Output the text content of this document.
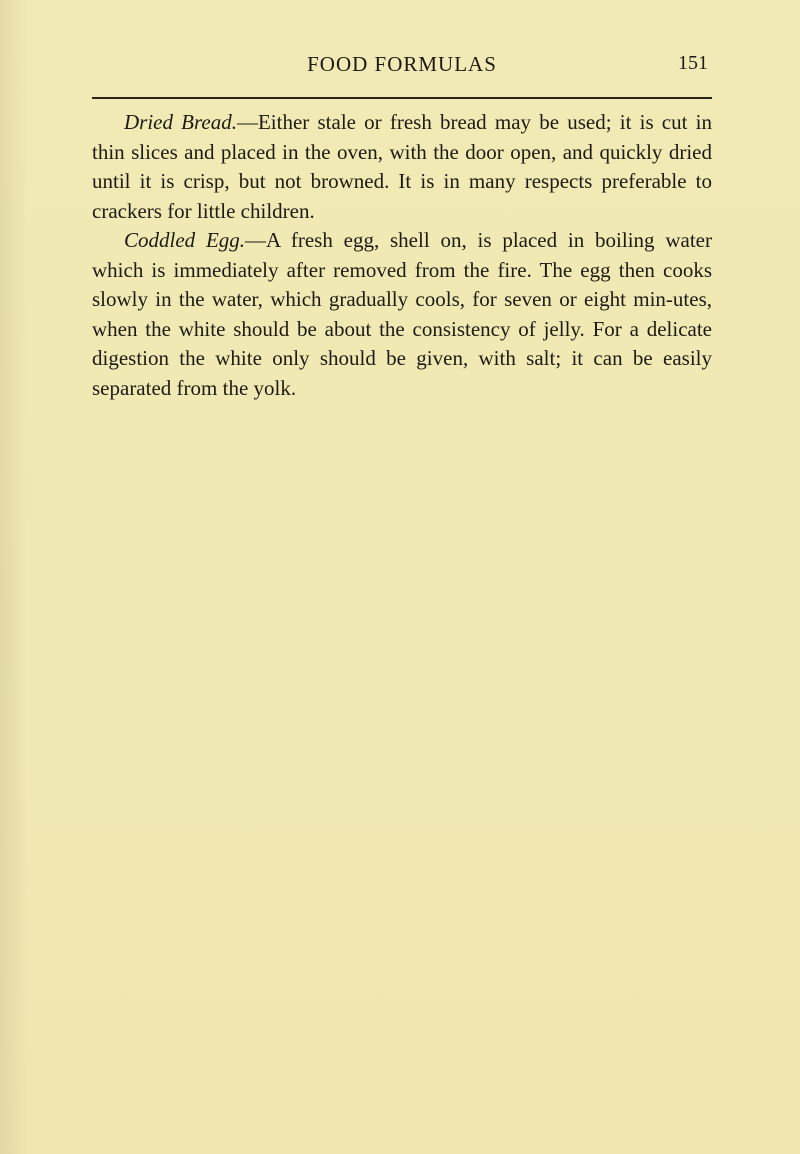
FOOD FORMULAS	151

Dried Bread.—Either stale or fresh bread may be used; it is cut in thin slices and placed in the oven, with the door open, and quickly dried until it is crisp, but not browned. It is in many respects preferable to crackers for little children.

Coddled Egg.—A fresh egg, shell on, is placed in boiling water which is immediately after removed from the fire. The egg then cooks slowly in the water, which gradually cools, for seven or eight min-utes, when the white should be about the consistency of jelly. For a delicate digestion the white only should be given, with salt; it can be easily separated from the yolk.
